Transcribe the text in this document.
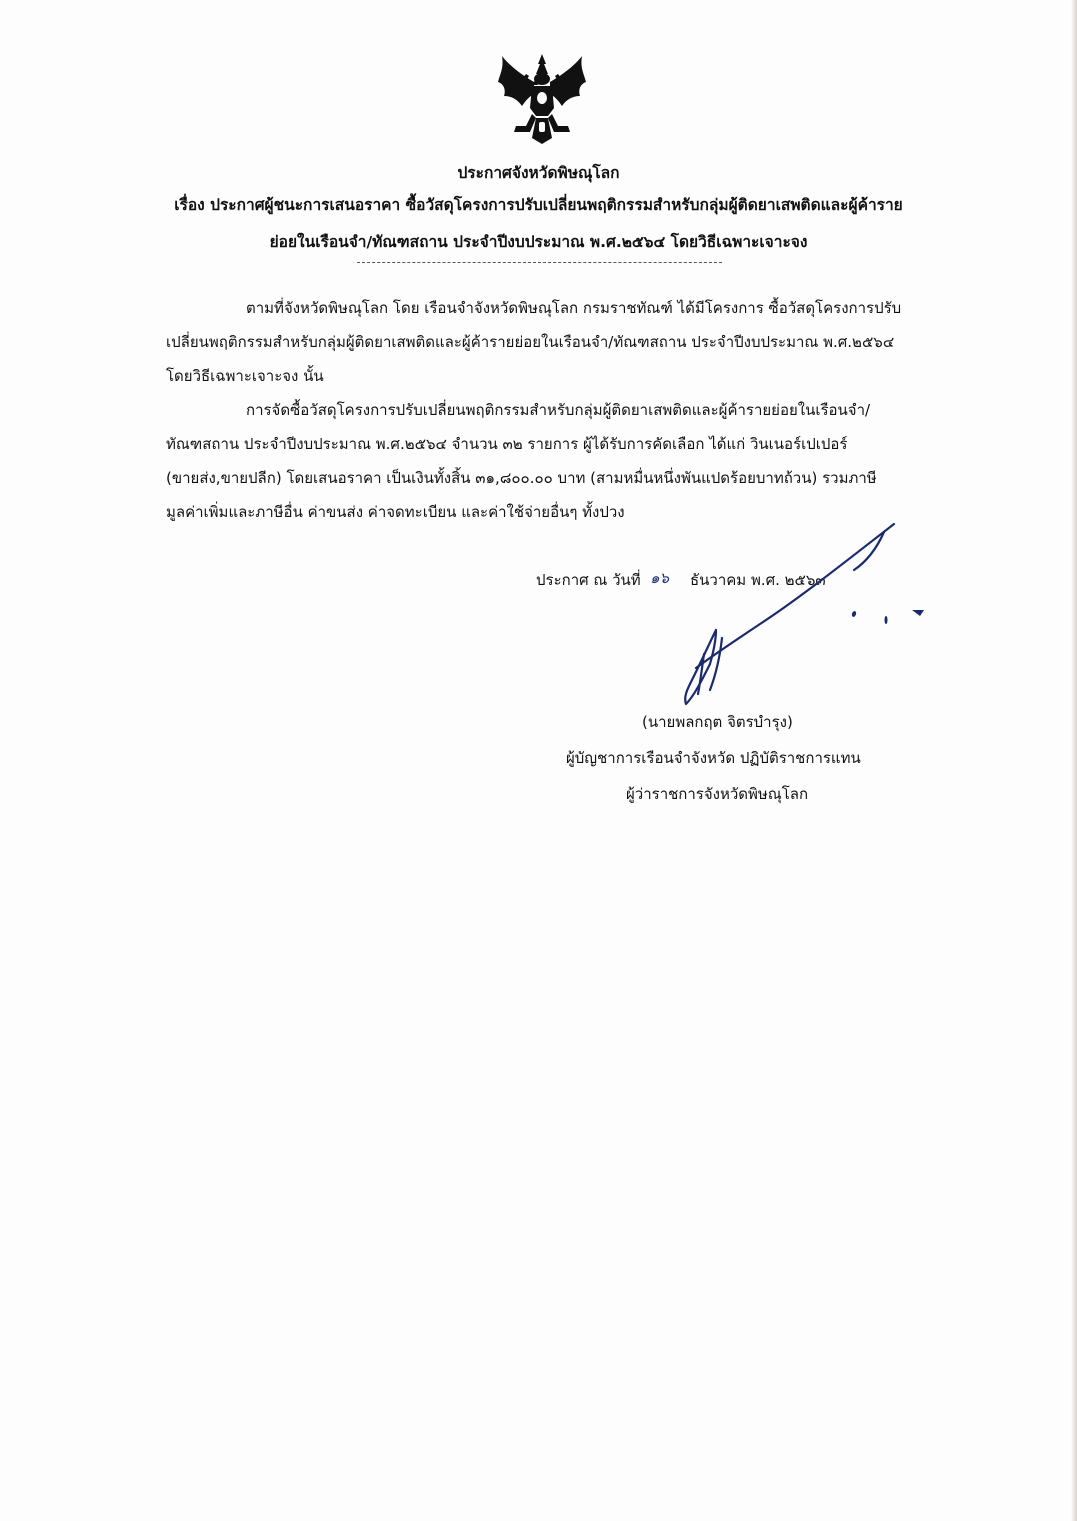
ประกาศจังหวัดพิษณุโลก
เรื่อง ประกาศผู้ชนะการเสนอราคา ซื้อวัสดุโครงการปรับเปลี่ยนพฤติกรรมสำหรับกลุ่มผู้ติดยาเสพติดและผู้ค้าราย
ย่อยในเรือนจำ/ทัณฑสถาน ประจำปีงบประมาณ พ.ศ.๒๕๖๔ โดยวิธีเฉพาะเจาะจง
ตามที่จังหวัดพิษณุโลก โดย เรือนจำจังหวัดพิษณุโลก กรมราชทัณฑ์ ได้มีโครงการ ซื้อวัสดุโครงการปรับ
เปลี่ยนพฤติกรรมสำหรับกลุ่มผู้ติดยาเสพติดและผู้ค้ารายย่อยในเรือนจำ/ทัณฑสถาน ประจำปีงบประมาณ พ.ศ.๒๕๖๔
โดยวิธีเฉพาะเจาะจง นั้น
การจัดซื้อวัสดุโครงการปรับเปลี่ยนพฤติกรรมสำหรับกลุ่มผู้ติดยาเสพติดและผู้ค้ารายย่อยในเรือนจำ/
ทัณฑสถาน ประจำปีงบประมาณ พ.ศ.๒๕๖๔ จำนวน ๓๒ รายการ ผู้ได้รับการคัดเลือก ได้แก่ วินเนอร์เปเปอร์
(ขายส่ง,ขายปลีก) โดยเสนอราคา เป็นเงินทั้งสิ้น ๓๑,๘๐๐.๐๐ บาท (สามหมื่นหนึ่งพันแปดร้อยบาทถ้วน) รวมภาษี
มูลค่าเพิ่มและภาษีอื่น ค่าขนส่ง ค่าจดทะเบียน และค่าใช้จ่ายอื่นๆ ทั้งปวง
ประกาศ ณ วันที่ ๑๖ ธันวาคม พ.ศ. ๒๕๖๓
(นายพลกฤต จิตรบำรุง)
ผู้บัญชาการเรือนจำจังหวัด ปฏิบัติราชการแทน
ผู้ว่าราชการจังหวัดพิษณุโลก
